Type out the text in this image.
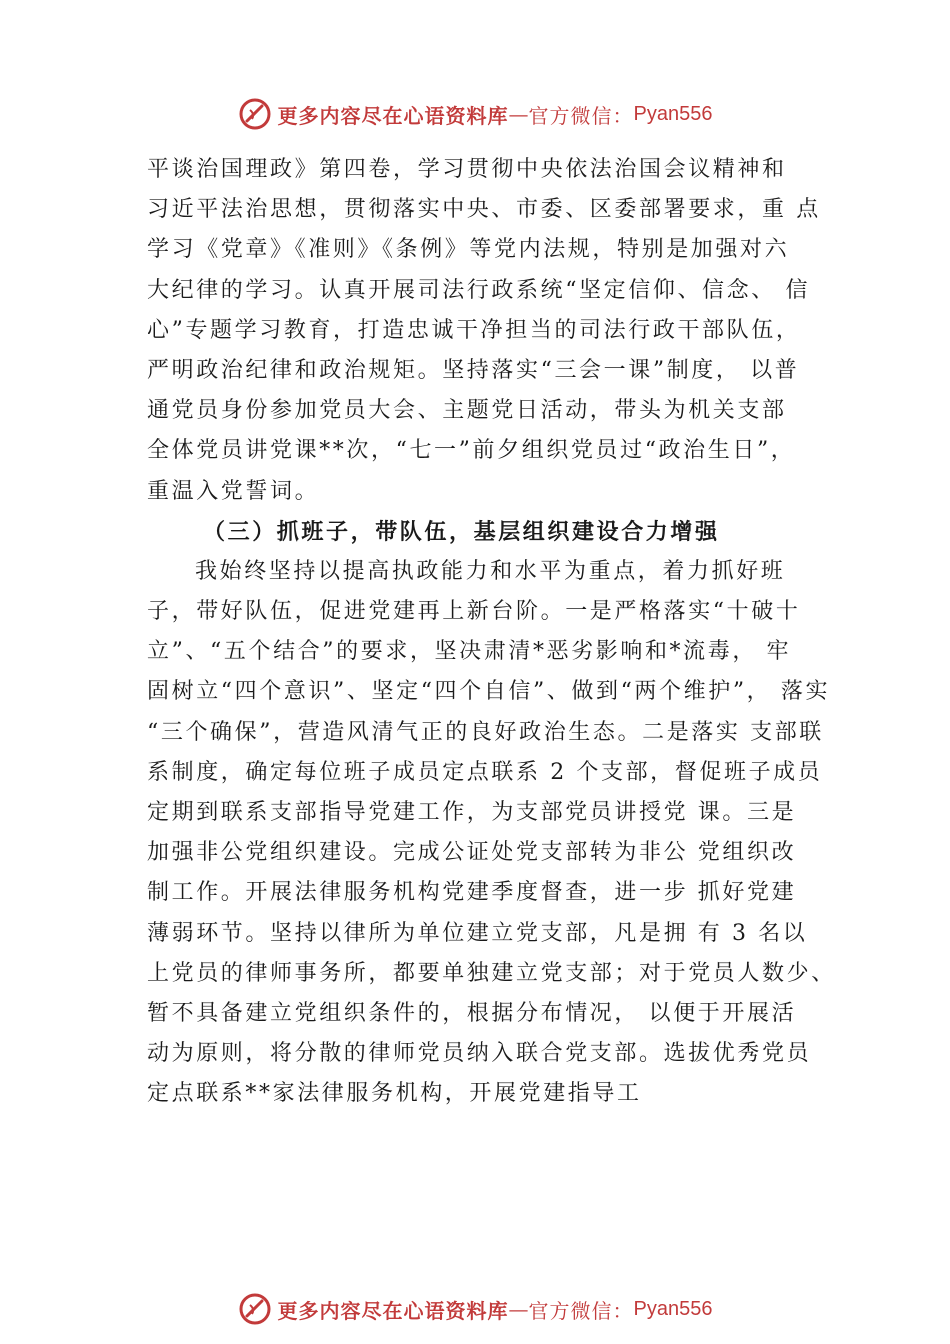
更多内容尽在心语资料库 — 官方微信： Pyan556
平谈治国理政》第四卷，学习贯彻中央依法治国会议精神和
习近平法治思想，贯彻落实中央、市委、区委部署要求，重 点
学习《党章》《准则》《条例》等党内法规，特别是加强对六
大纪律的学习。认真开展司法行政系统“坚定信仰、信念、 信
心”专题学习教育，打造忠诚干净担当的司法行政干部队伍，
严明政治纪律和政治规矩。坚持落实“三会一课”制度， 以普
通党员身份参加党员大会、主题党日活动，带头为机关支部
全体党员讲党课**次，“七一”前夕组织党员过“政治生日”，
重温入党誓词。
（三）抓班子，带队伍，基层组织建设合力增强
我始终坚持以提高执政能力和水平为重点，着力抓好班
子，带好队伍，促进党建再上新台阶。一是严格落实“十破十
立”、“五个结合”的要求，坚决肃清*恶劣影响和*流毒， 牢
固树立“四个意识”、坚定“四个自信”、做到“两个维护”， 落实
“三个确保”，营造风清气正的良好政治生态。二是落实 支部联
系制度，确定每位班子成员定点联系 2 个支部，督促班子成员
定期到联系支部指导党建工作，为支部党员讲授党 课。三是
加强非公党组织建设。完成公证处党支部转为非公 党组织改
制工作。开展法律服务机构党建季度督查，进一步 抓好党建
薄弱环节。坚持以律所为单位建立党支部，凡是拥 有 3 名以
上党员的律师事务所，都要单独建立党支部；对于党员人数少、
暂不具备建立党组织条件的，根据分布情况， 以便于开展活
动为原则，将分散的律师党员纳入联合党支部。选拔优秀党员
定点联系**家法律服务机构，开展党建指导工
更多内容尽在心语资料库 — 官方微信： Pyan556
